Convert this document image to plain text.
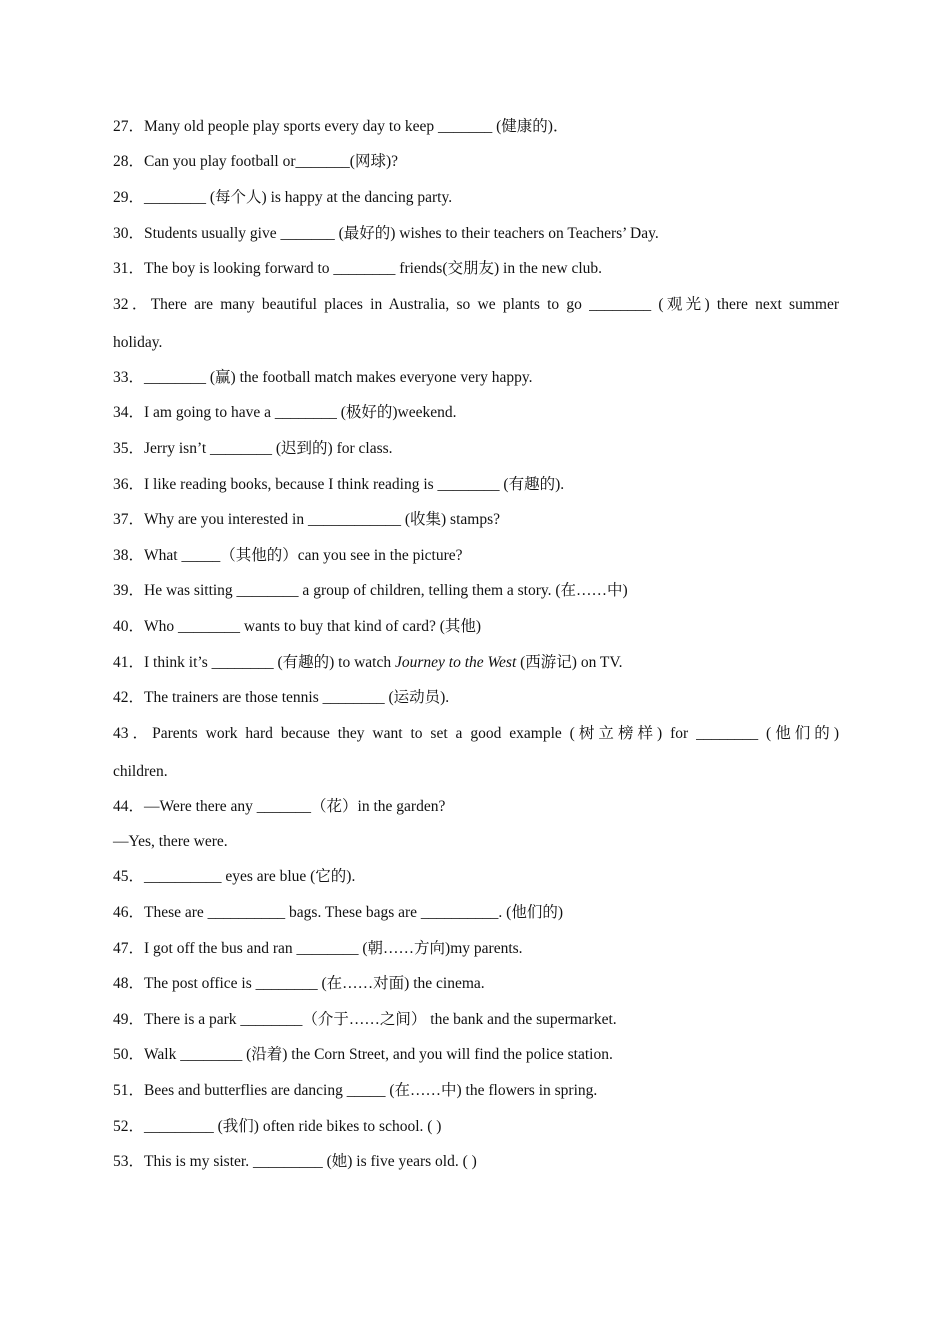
27．Many old people play sports every day to keep _______ (健康的)．
28．Can you play football or_______(网球)?
29．________ (每个人) is happy at the dancing party.
30．Students usually give _______ (最好的) wishes to their teachers on Teachers’ Day.
31．The boy is looking forward to ________ friends(交朋友) in the new club.
32．There are many beautiful places in Australia, so we plants to go ________ (观光) there next summer
holiday.
33．________ (赢) the football match makes everyone very happy.
34．I am going to have a ________ (极好的)weekend.
35．Jerry isn’t ________ (迟到的) for class.
36．I like reading books, because I think reading is ________ (有趣的).
37．Why are you interested in ____________ (收集) stamps?
38．What _____（其他的）can you see in the picture?
39．He was sitting ________ a group of children, telling them a story. (在……中)
40．Who ________ wants to buy that kind of card? (其他)
41．I think it’s ________ (有趣的) to watch Journey to the West (西游记) on TV.
42．The trainers are those tennis ________ (运动员).
43．Parents work hard because they want to set a good example (树立榜样) for ________ (他们的)
children.
44．—Were there any _______（花）in the garden?
—Yes, there were.
45．__________ eyes are blue (它的).
46．These are __________ bags. These bags are __________. (他们的)
47．I got off the bus and ran ________ (朝……方向)my parents.
48．The post office is ________ (在……对面) the cinema.
49．There is a park ________（介于……之间） the bank and the supermarket.
50．Walk ________ (沿着) the Corn Street, and you will find the police station.
51．Bees and butterflies are dancing _____ (在……中) the flowers in spring.
52．_________ (我们) often ride bikes to school. ( )
53．This is my sister. _________ (她) is five years old. ( )
